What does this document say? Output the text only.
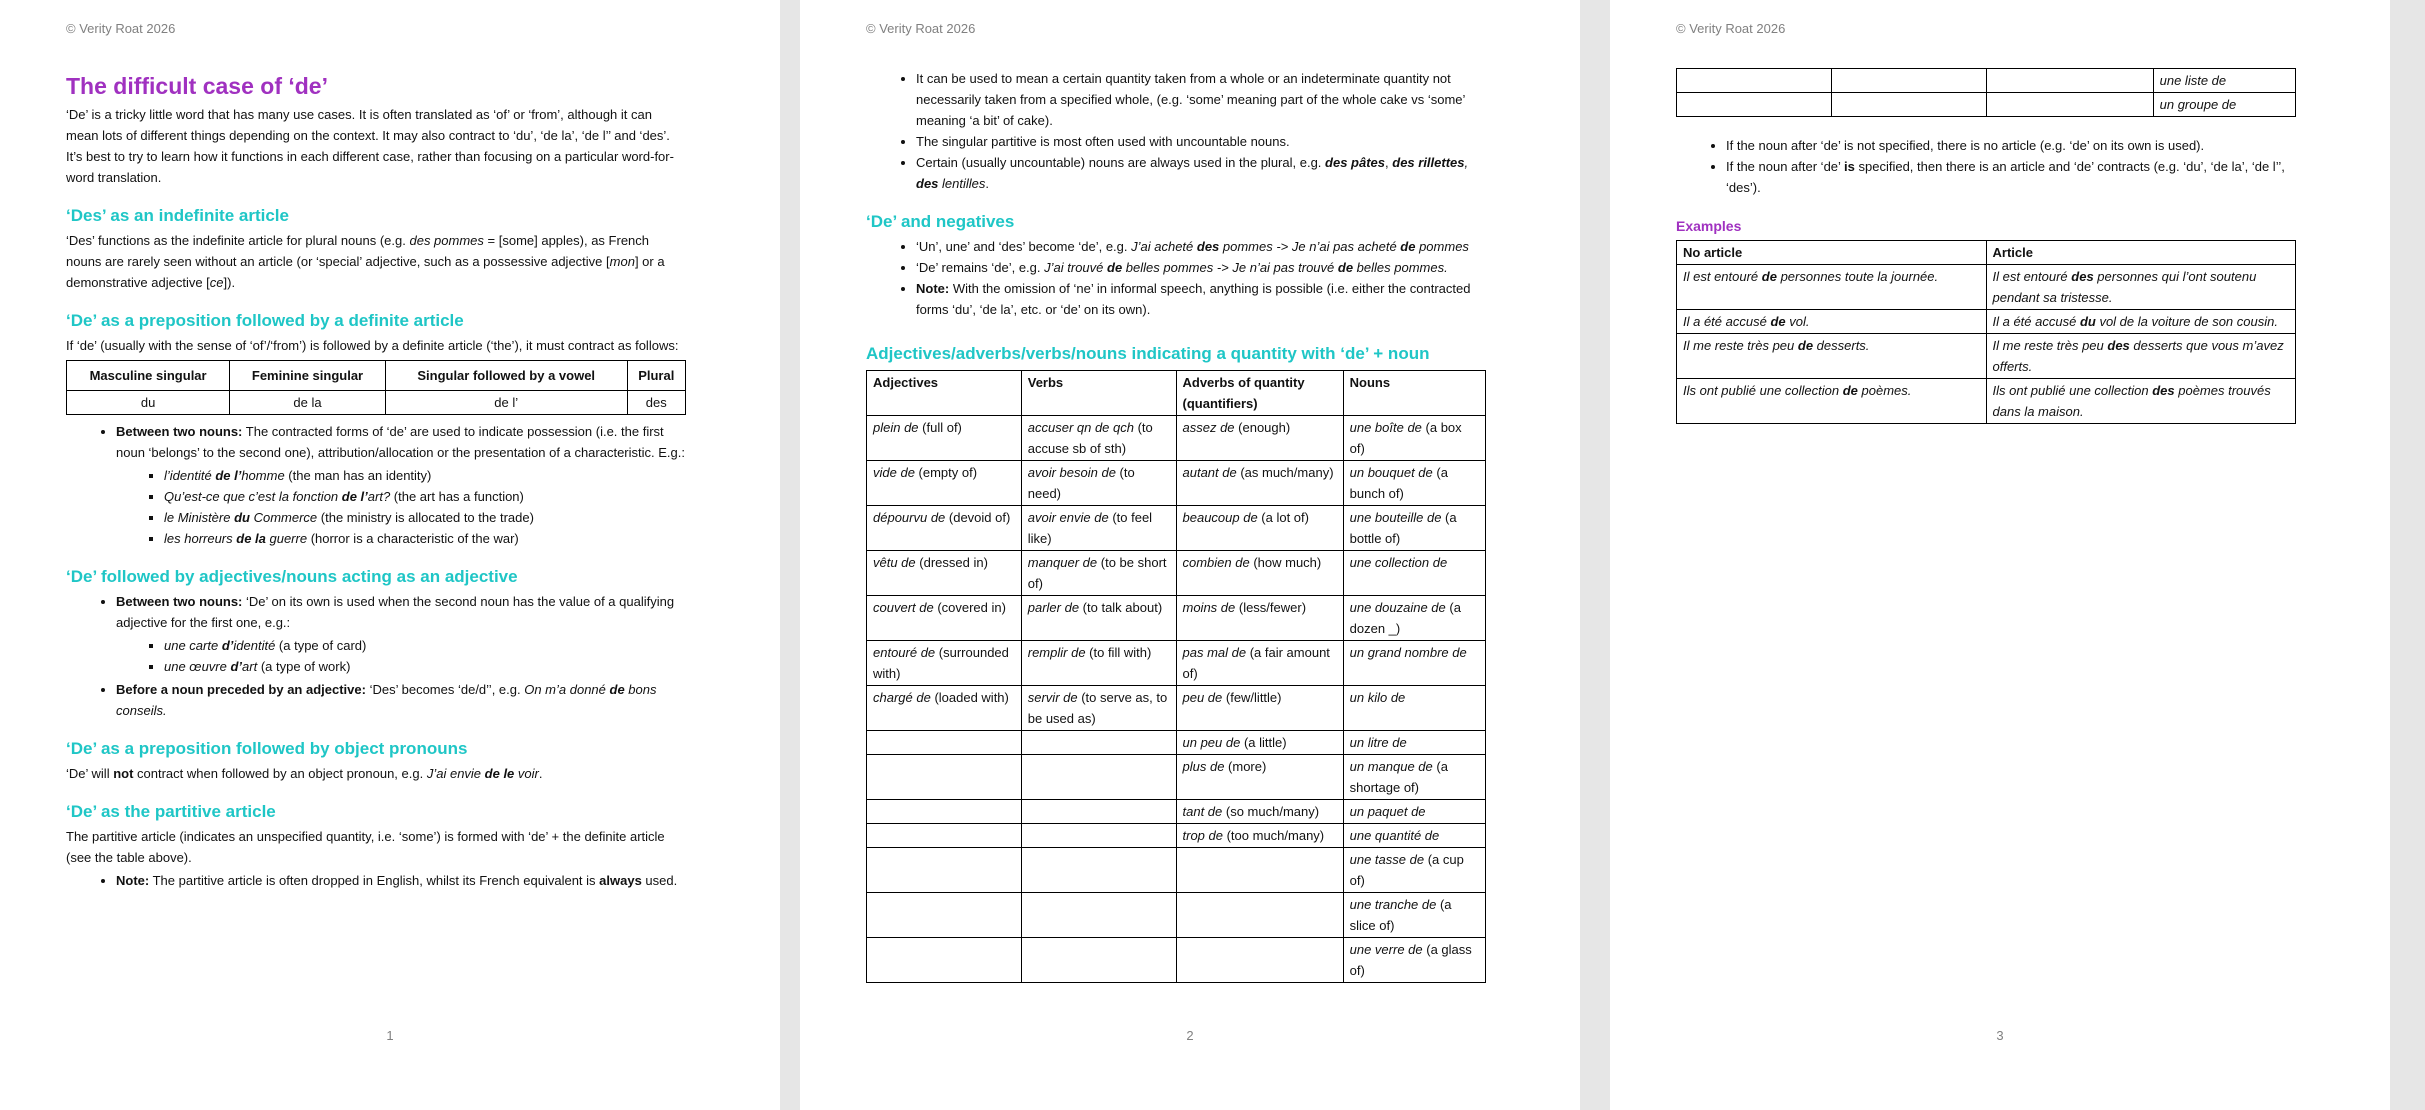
© Verity Roat 2026
The difficult case of ‘de’

‘De’ is a tricky little word that has many use cases. It is often translated as ‘of’ or ‘from’, although it can mean lots of different things depending on the context. It may also contract to ‘du’, ‘de la’, ‘de l’’ and ‘des’. It’s best to try to learn how it functions in each different case, rather than focusing on a particular word-for-word translation.

‘Des’ as an indefinite article

‘Des’ functions as the indefinite article for plural nouns (e.g. des pommes = [some] apples), as French nouns are rarely seen without an article (or ‘special’ adjective, such as a possessive adjective [mon] or a demonstrative adjective [ce]).

‘De’ as a preposition followed by a definite article

If ‘de’ (usually with the sense of ‘of’/‘from’) is followed by a definite article (‘the’), it must contract as follows:

Masculine singular	Feminine singular	Singular followed by a vowel	Plural
du	de la	de l’	des
• Between two nouns: The contracted forms of ‘de’ are used to indicate possession (i.e. the first noun ‘belongs’ to the second one), attribution/allocation or the presentation of a characteristic. E.g.:
▪ l’identité de l’homme (the man has an identity)
▪ Qu’est-ce que c’est la fonction de l’art? (the art has a function)
▪ le Ministère du Commerce (the ministry is allocated to the trade)
▪ les horreurs de la guerre (horror is a characteristic of the war)
‘De’ followed by adjectives/nouns acting as an adjective
• Between two nouns: ‘De’ on its own is used when the second noun has the value of a qualifying adjective for the first one, e.g.:
▪ une carte d’identité (a type of card)
▪ une œuvre d’art (a type of work)
• Before a noun preceded by an adjective: ‘Des’ becomes ‘de/d’’, e.g. On m’a donné de bons conseils.
‘De’ as a preposition followed by object pronouns

‘De’ will not contract when followed by an object pronoun, e.g. J’ai envie de le voir.

‘De’ as the partitive article

The partitive article (indicates an unspecified quantity, i.e. ‘some’) is formed with ‘de’ + the definite article (see the table above).

• Note: The partitive article is often dropped in English, whilst its French equivalent is always used.
1
© Verity Roat 2026
• It can be used to mean a certain quantity taken from a whole or an indeterminate quantity not necessarily taken from a specified whole, (e.g. ‘some’ meaning part of the whole cake vs ‘some’ meaning ‘a bit’ of cake).
• The singular partitive is most often used with uncountable nouns.
• Certain (usually uncountable) nouns are always used in the plural, e.g. des pâtes, des rillettes, des lentilles.
‘De’ and negatives
• ‘Un’, une’ and ‘des’ become ‘de’, e.g. J’ai acheté des pommes -> Je n’ai pas acheté de pommes
• ‘De’ remains ‘de’, e.g. J’ai trouvé de belles pommes -> Je n’ai pas trouvé de belles pommes.
• Note: With the omission of ‘ne’ in informal speech, anything is possible (i.e. either the contracted forms ‘du’, ‘de la’, etc. or ‘de’ on its own).
Adjectives/adverbs/verbs/nouns indicating a quantity with ‘de’ + noun
Adjectives	Verbs	Adverbs of quantity (quantifiers)	Nouns
plein de (full of)	accuser qn de qch (to accuse sb of sth)	assez de (enough)	une boîte de (a box of)
vide de (empty of)	avoir besoin de (to need)	autant de (as much/many)	un bouquet de (a bunch of)
dépourvu de (devoid of)	avoir envie de (to feel like)	beaucoup de (a lot of)	une bouteille de (a bottle of)
vêtu de (dressed in)	manquer de (to be short of)	combien de (how much)	une collection de
couvert de (covered in)	parler de (to talk about)	moins de (less/fewer)	une douzaine de (a dozen _)
entouré de (surrounded with)	remplir de (to fill with)	pas mal de (a fair amount of)	un grand nombre de
chargé de (loaded with)	servir de (to serve as, to be used as)	peu de (few/little)	un kilo de
		un peu de (a little)	un litre de
		plus de (more)	un manque de (a shortage of)
		tant de (so much/many)	un paquet de
		trop de (too much/many)	une quantité de
			une tasse de (a cup of)
			une tranche de (a slice of)
			une verre de (a glass of)
2
© Verity Roat 2026
			une liste de
			un groupe de
• If the noun after ‘de’ is not specified, there is no article (e.g. ‘de’ on its own is used).
• If the noun after ‘de’ is specified, then there is an article and ‘de’ contracts (e.g. ‘du’, ‘de la’, ‘de l’’, ‘des’).
Examples
No article	Article
Il est entouré de personnes toute la journée.	Il est entouré des personnes qui l’ont soutenu pendant sa tristesse.
Il a été accusé de vol.	Il a été accusé du vol de la voiture de son cousin.
Il me reste très peu de desserts.	Il me reste très peu des desserts que vous m’avez offerts.
Ils ont publié une collection de poèmes.	Ils ont publié une collection des poèmes trouvés dans la maison.
3
